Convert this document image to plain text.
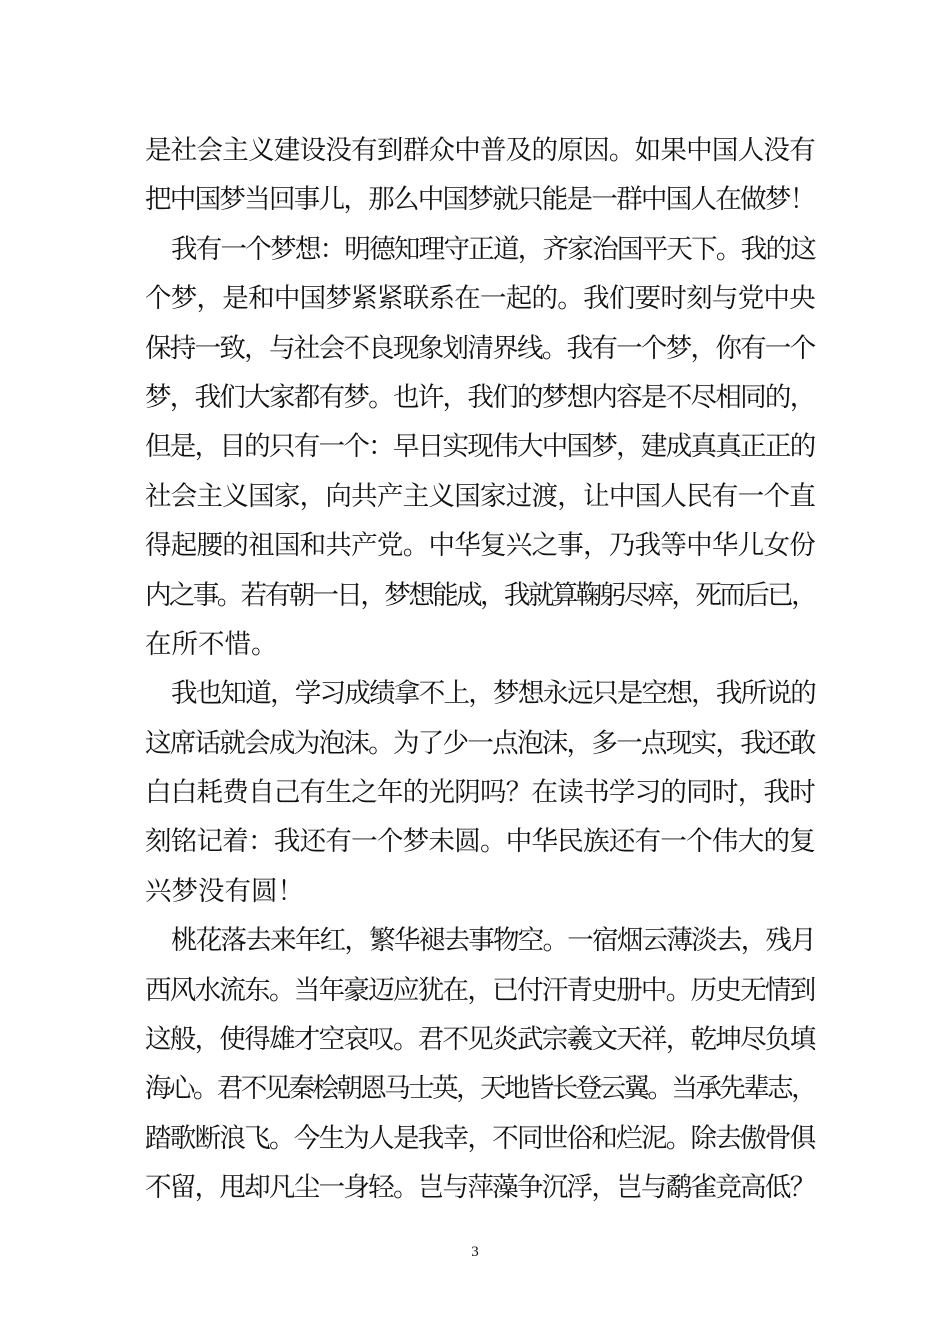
是社会主义建设没有到群众中普及的原因。如果中国人没有
把中国梦当回事儿，那么中国梦就只能是一群中国人在做梦！
我有一个梦想：明德知理守正道，齐家治国平天下。我的这
个梦，是和中国梦紧紧联系在一起的。我们要时刻与党中央
保持一致，与社会不良现象划清界线。我有一个梦，你有一个
梦，我们大家都有梦。也许，我们的梦想内容是不尽相同的，
但是，目的只有一个：早日实现伟大中国梦，建成真真正正的
社会主义国家，向共产主义国家过渡，让中国人民有一个直
得起腰的祖国和共产党。中华复兴之事，乃我等中华儿女份
内之事。若有朝一日，梦想能成，我就算鞠躬尽瘁，死而后已，
在所不惜。
我也知道，学习成绩拿不上，梦想永远只是空想，我所说的
这席话就会成为泡沫。为了少一点泡沫，多一点现实，我还敢
白白耗费自己有生之年的光阴吗？在读书学习的同时，我时
刻铭记着：我还有一个梦未圆。中华民族还有一个伟大的复
兴梦没有圆！
桃花落去来年红，繁华褪去事物空。一宿烟云薄淡去，残月
西风水流东。当年豪迈应犹在，已付汗青史册中。历史无情到
这般，使得雄才空哀叹。君不见炎武宗羲文天祥，乾坤尽负填
海心。君不见秦桧朝恩马士英，天地皆长登云翼。当承先辈志，
踏歌断浪飞。今生为人是我幸，不同世俗和烂泥。除去傲骨俱
不留，甩却凡尘一身轻。岂与萍藻争沉浮，岂与鹬雀竞高低？
3
